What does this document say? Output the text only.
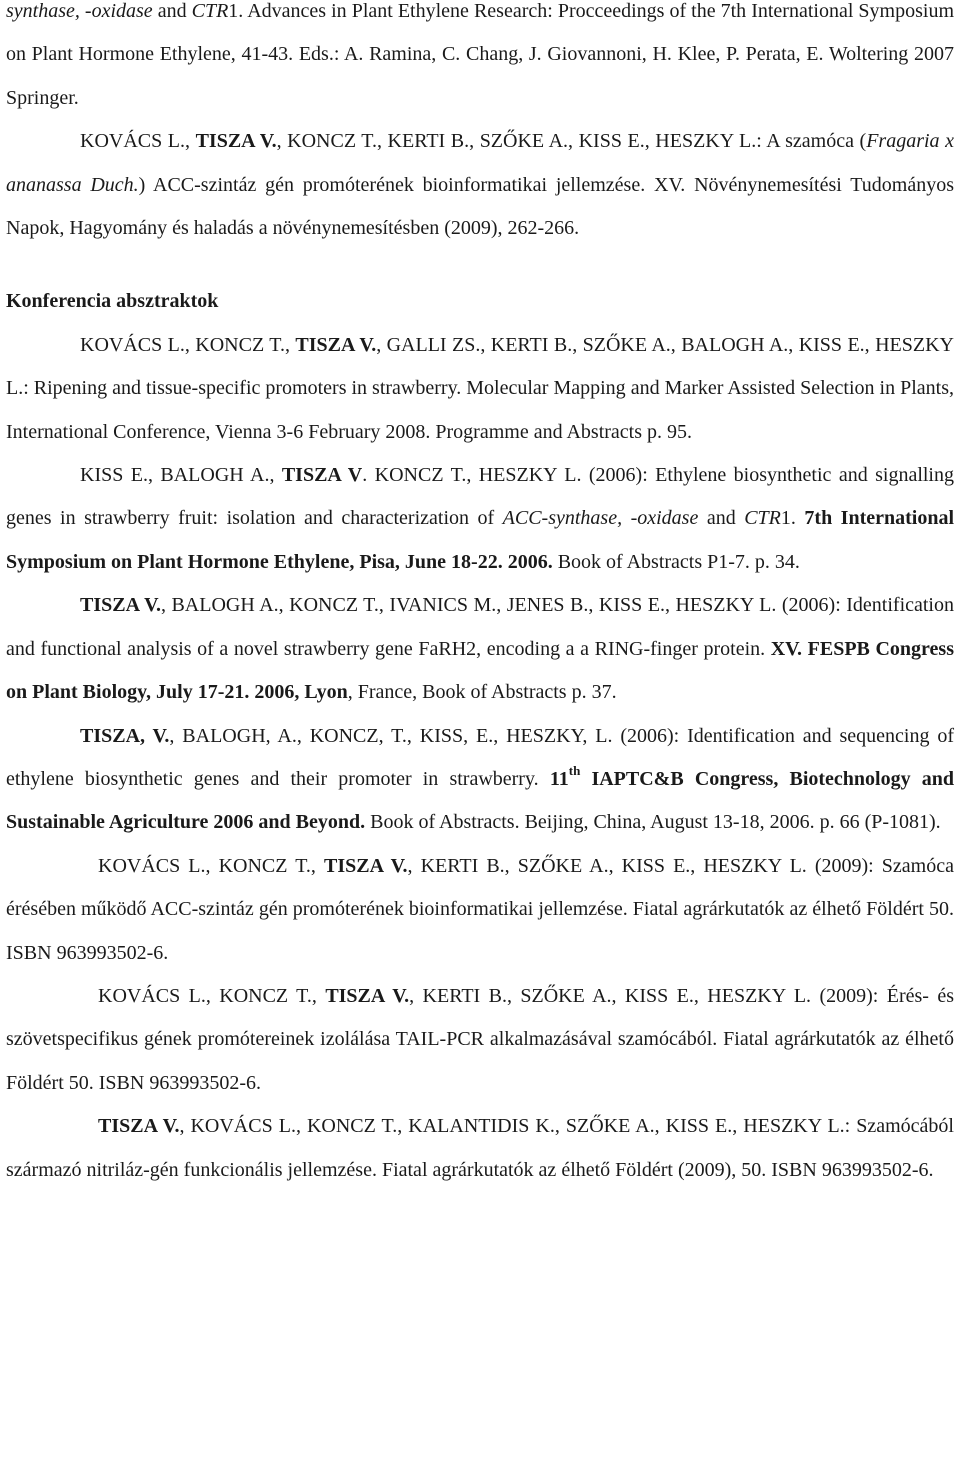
synthase, -oxidase and CTR1. Advances in Plant Ethylene Research: Procceedings of the 7th International Symposium on Plant Hormone Ethylene, 41-43. Eds.: A. Ramina, C. Chang, J. Giovannoni, H. Klee, P. Perata, E. Woltering 2007 Springer.

KOVÁCS L., TISZA V., KONCZ T., KERTI B., SZŐKE A., KISS E., HESZKY L.: A szamóca (Fragaria x ananassa Duch.) ACC-szintáz gén promóterének bioinformatikai jellemzése. XV. Növénynemesítési Tudományos Napok, Hagyomány és haladás a növénynemesítésben (2009), 262-266.

Konferencia absztraktok

KOVÁCS L., KONCZ T., TISZA V., GALLI ZS., KERTI B., SZŐKE A., BALOGH A., KISS E., HESZKY L.: Ripening and tissue-specific promoters in strawberry. Molecular Mapping and Marker Assisted Selection in Plants, International Conference, Vienna 3-6 February 2008. Programme and Abstracts p. 95.

KISS E., BALOGH A., TISZA V. KONCZ T., HESZKY L. (2006): Ethylene biosynthetic and signalling genes in strawberry fruit: isolation and characterization of ACC-synthase, -oxidase and CTR1. 7th International Symposium on Plant Hormone Ethylene, Pisa, June 18-22. 2006. Book of Abstracts P1-7. p. 34.

TISZA V., BALOGH A., KONCZ T., IVANICS M., JENES B., KISS E., HESZKY L. (2006): Identification and functional analysis of a novel strawberry gene FaRH2, encoding a a RING-finger protein. XV. FESPB Congress on Plant Biology, July 17-21. 2006, Lyon, France, Book of Abstracts p. 37.

TISZA, V., BALOGH, A., KONCZ, T., KISS, E., HESZKY, L. (2006): Identification and sequencing of ethylene biosynthetic genes and their promoter in strawberry. 11th IAPTC&B Congress, Biotechnology and Sustainable Agriculture 2006 and Beyond. Book of Abstracts. Beijing, China, August 13-18, 2006. p. 66 (P-1081).

KOVÁCS L., KONCZ T., TISZA V., KERTI B., SZŐKE A., KISS E., HESZKY L. (2009): Szamóca érésében működő ACC-szintáz gén promóterének bioinformatikai jellemzése. Fiatal agrárkutatók az élhető Földért 50. ISBN 963993502-6.

KOVÁCS L., KONCZ T., TISZA V., KERTI B., SZŐKE A., KISS E., HESZKY L. (2009): Érés- és szövetspecifikus gének promótereinek izolálása TAIL-PCR alkalmazásával szamócából. Fiatal agrárkutatók az élhető Földért 50. ISBN 963993502-6.

TISZA V., KOVÁCS L., KONCZ T., KALANTIDIS K., SZŐKE A., KISS E., HESZKY L.: Szamócából származó nitriláz-gén funkcionális jellemzése. Fiatal agrárkutatók az élhető Földért (2009), 50. ISBN 963993502-6.
